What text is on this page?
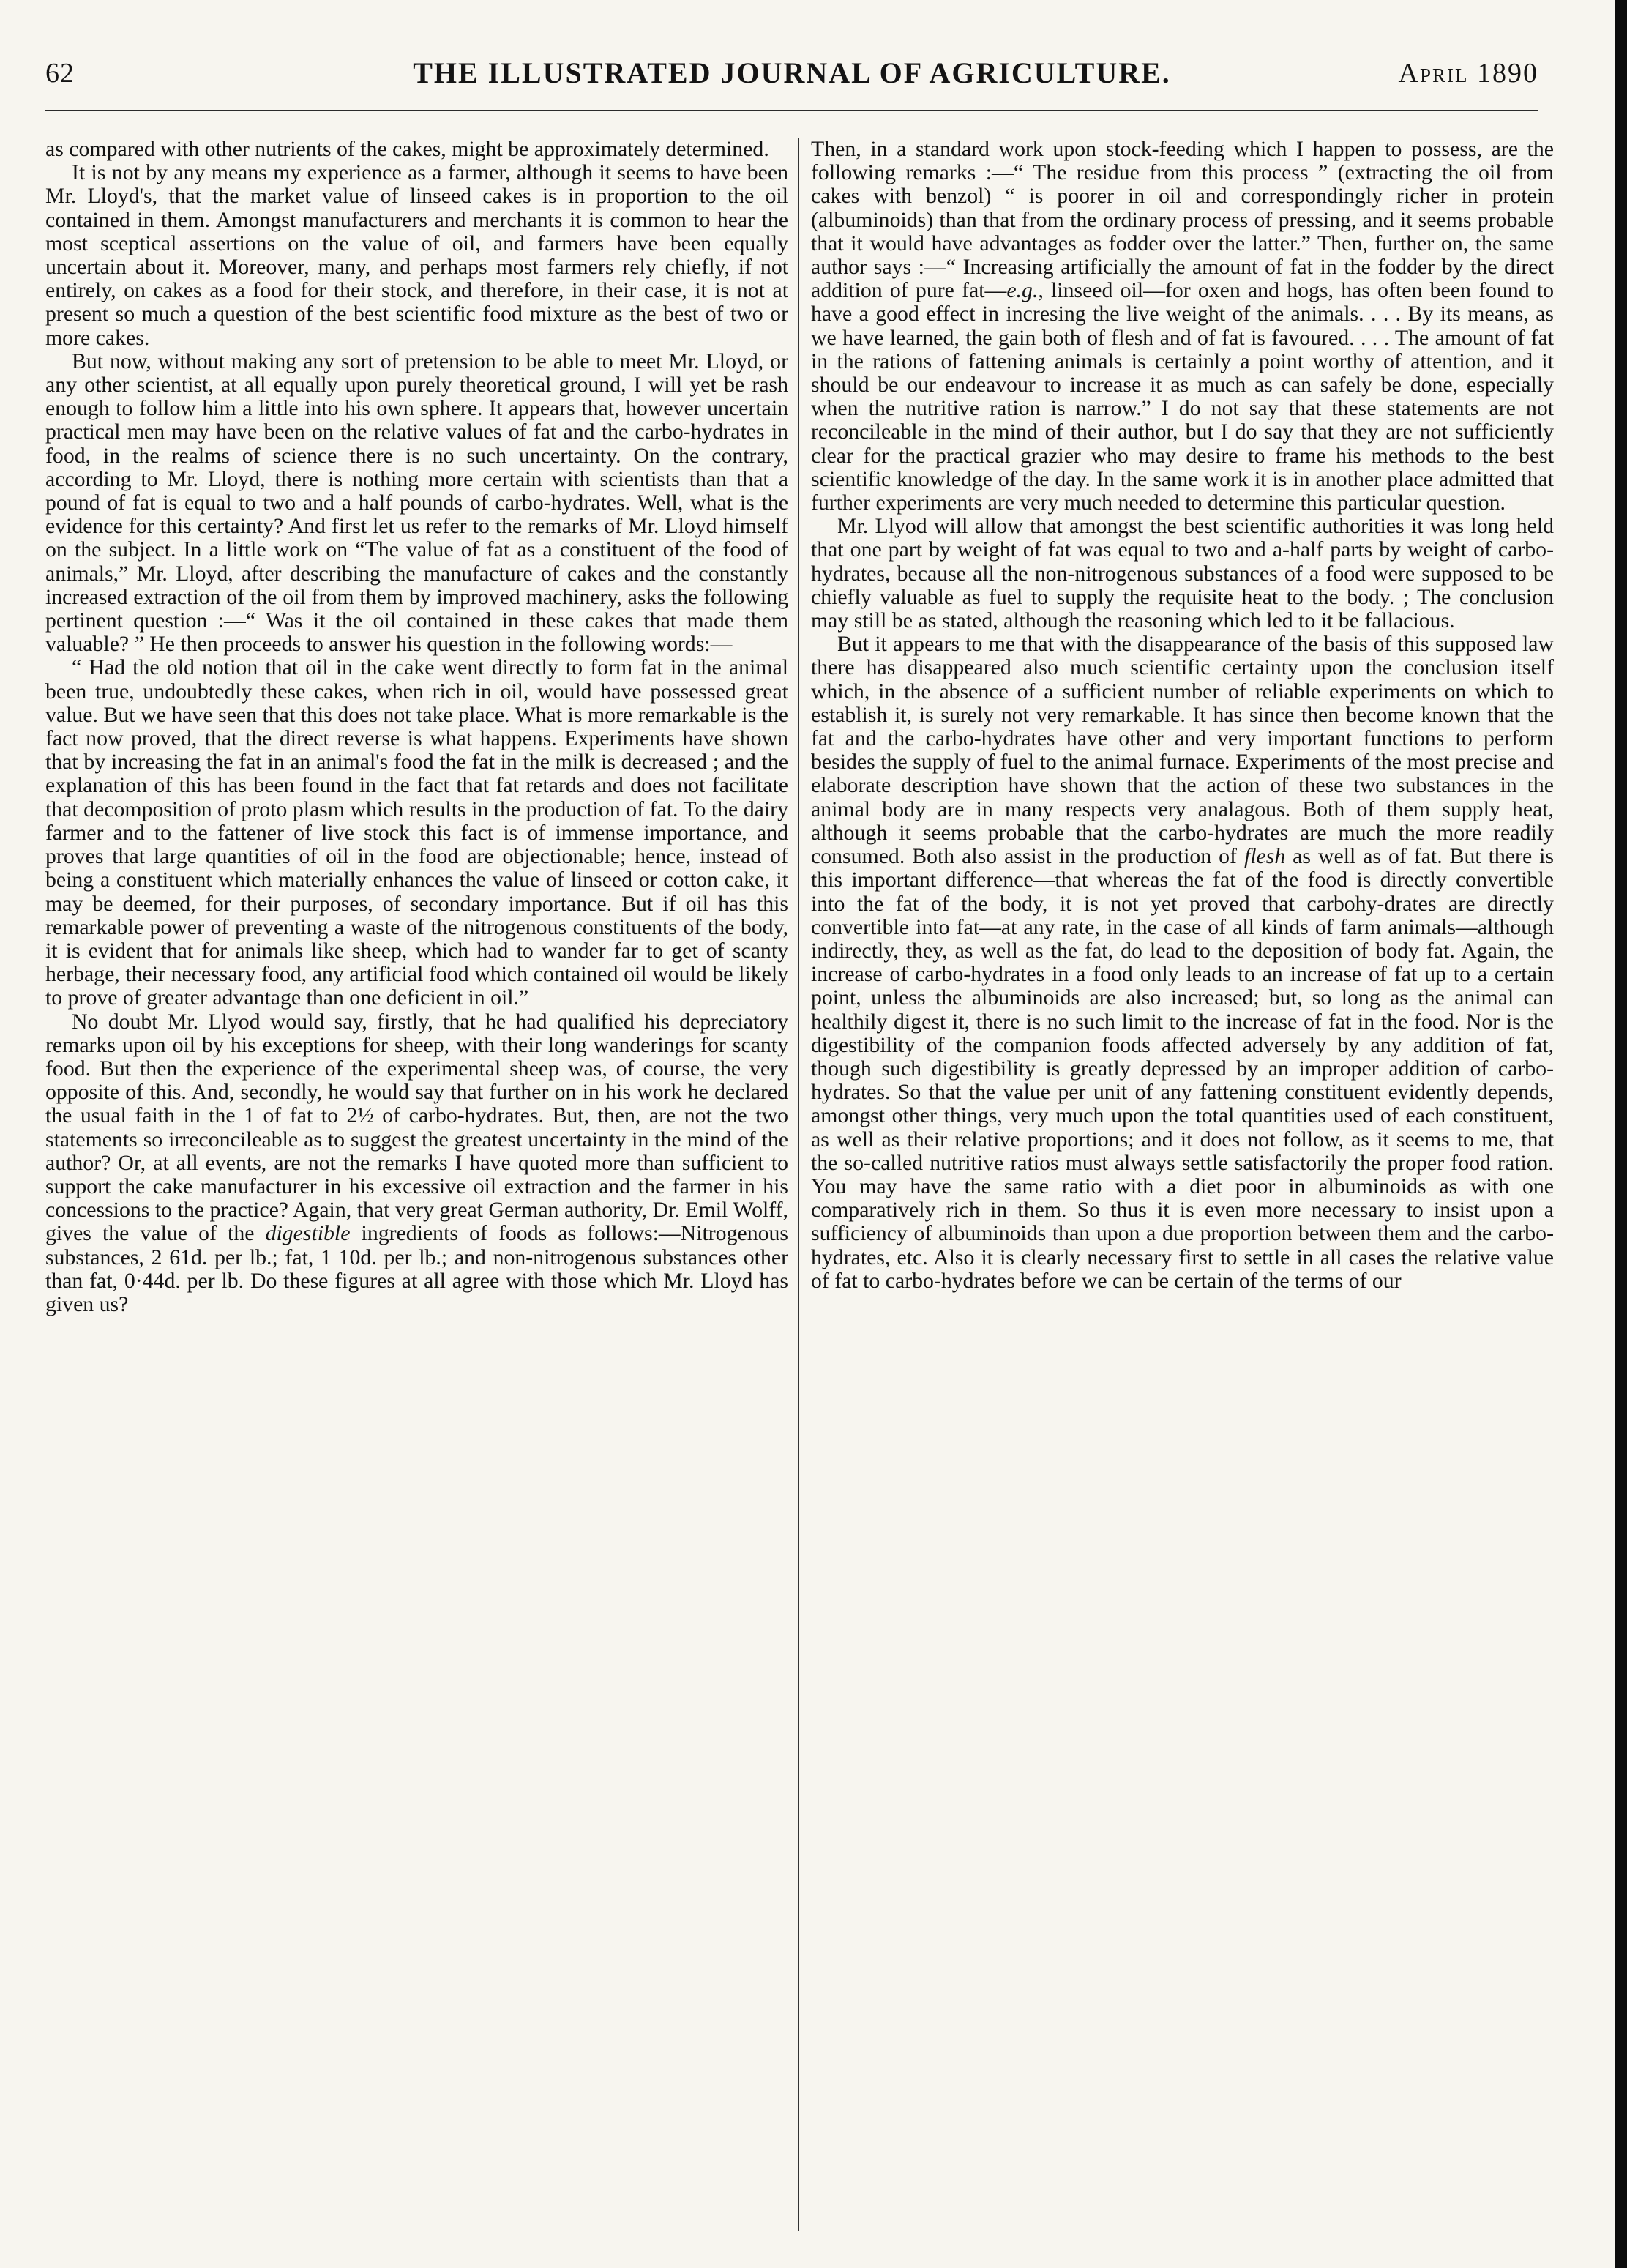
62	THE ILLUSTRATED JOURNAL OF AGRICULTURE.	April 1890

as compared with other nutrients of the cakes, might be approximately determined.

It is not by any means my experience as a farmer, although it seems to have been Mr. Lloyd's, that the market value of linseed cakes is in proportion to the oil contained in them. Amongst manufacturers and merchants it is common to hear the most sceptical assertions on the value of oil, and farmers have been equally uncertain about it. Moreover, many, and perhaps most farmers rely chiefly, if not entirely, on cakes as a food for their stock, and therefore, in their case, it is not at present so much a question of the best scientific food mixture as the best of two or more cakes.

But now, without making any sort of pretension to be able to meet Mr. Lloyd, or any other scientist, at all equally upon purely theoretical ground, I will yet be rash enough to follow him a little into his own sphere. It appears that, however uncertain practical men may have been on the relative values of fat and the carbo-hydrates in food, in the realms of science there is no such uncertainty. On the contrary, according to Mr. Lloyd, there is nothing more certain with scientists than that a pound of fat is equal to two and a half pounds of carbo-hydrates. Well, what is the evidence for this certainty? And first let us refer to the remarks of Mr. Lloyd himself on the subject. In a little work on “The value of fat as a constituent of the food of animals,” Mr. Lloyd, after describing the manufacture of cakes and the constantly increased extraction of the oil from them by improved machinery, asks the following pertinent question :—“ Was it the oil contained in these cakes that made them valuable? ” He then proceeds to answer his question in the following words:—

“ Had the old notion that oil in the cake went directly to form fat in the animal been true, undoubtedly these cakes, when rich in oil, would have possessed great value. But we have seen that this does not take place. What is more remarkable is the fact now proved, that the direct reverse is what happens. Experiments have shown that by increasing the fat in an animal's food the fat in the milk is decreased ; and the explanation of this has been found in the fact that fat retards and does not facilitate that decomposition of proto plasm which results in the production of fat. To the dairy farmer and to the fattener of live stock this fact is of immense importance, and proves that large quantities of oil in the food are objectionable; hence, instead of being a constituent which materially enhances the value of linseed or cotton cake, it may be deemed, for their purposes, of secondary importance. But if oil has this remarkable power of preventing a waste of the nitrogenous constituents of the body, it is evident that for animals like sheep, which had to wander far to get of scanty herbage, their necessary food, any artificial food which contained oil would be likely to prove of greater advantage than one deficient in oil.”

No doubt Mr. Llyod would say, firstly, that he had qualified his depreciatory remarks upon oil by his exceptions for sheep, with their long wanderings for scanty food. But then the experience of the experimental sheep was, of course, the very opposite of this. And, secondly, he would say that further on in his work he declared the usual faith in the 1 of fat to 2½ of carbo-hydrates. But, then, are not the two statements so irreconcileable as to suggest the greatest uncertainty in the mind of the author? Or, at all events, are not the remarks I have quoted more than sufficient to support the cake manufacturer in his excessive oil extraction and the farmer in his concessions to the practice? Again, that very great German authority, Dr. Emil Wolff, gives the value of the digestible ingredients of foods as follows:—Nitrogenous substances, 2 61d. per lb.; fat, 1 10d. per lb.; and non-nitrogenous substances other than fat, 0·44d. per lb. Do these figures at all agree with those which Mr. Lloyd has given us?

Then, in a standard work upon stock-feeding which I happen to possess, are the following remarks :—“ The residue from this process ” (extracting the oil from cakes with benzol) “ is poorer in oil and correspondingly richer in protein (albuminoids) than that from the ordinary process of pressing, and it seems probable that it would have advantages as fodder over the latter.” Then, further on, the same author says :—“ Increasing artificially the amount of fat in the fodder by the direct addition of pure fat—e.g., linseed oil—for oxen and hogs, has often been found to have a good effect in incresing the live weight of the animals. . . . By its means, as we have learned, the gain both of flesh and of fat is favoured. . . . The amount of fat in the rations of fattening animals is certainly a point worthy of attention, and it should be our endeavour to increase it as much as can safely be done, especially when the nutritive ration is narrow.” I do not say that these statements are not reconcileable in the mind of their author, but I do say that they are not sufficiently clear for the practical grazier who may desire to frame his methods to the best scientific knowledge of the day. In the same work it is in another place admitted that further experiments are very much needed to determine this particular question.

Mr. Llyod will allow that amongst the best scientific authorities it was long held that one part by weight of fat was equal to two and a-half parts by weight of carbo-hydrates, because all the non-nitrogenous substances of a food were supposed to be chiefly valuable as fuel to supply the requisite heat to the body. ; The conclusion may still be as stated, although the reasoning which led to it be fallacious.

But it appears to me that with the disappearance of the basis of this supposed law there has disappeared also much scientific certainty upon the conclusion itself which, in the absence of a sufficient number of reliable experiments on which to establish it, is surely not very remarkable. It has since then become known that the fat and the carbo-hydrates have other and very important functions to perform besides the supply of fuel to the animal furnace. Experiments of the most precise and elaborate description have shown that the action of these two substances in the animal body are in many respects very analagous. Both of them supply heat, although it seems probable that the carbo-hydrates are much the more readily consumed. Both also assist in the production of flesh as well as of fat. But there is this important difference—that whereas the fat of the food is directly convertible into the fat of the body, it is not yet proved that carbohy-drates are directly convertible into fat—at any rate, in the case of all kinds of farm animals—although indirectly, they, as well as the fat, do lead to the deposition of body fat. Again, the increase of carbo-hydrates in a food only leads to an increase of fat up to a certain point, unless the albuminoids are also increased; but, so long as the animal can healthily digest it, there is no such limit to the increase of fat in the food. Nor is the digestibility of the companion foods affected adversely by any addition of fat, though such digestibility is greatly depressed by an improper addition of carbo-hydrates. So that the value per unit of any fattening constituent evidently depends, amongst other things, very much upon the total quantities used of each constituent, as well as their relative proportions; and it does not follow, as it seems to me, that the so-called nutritive ratios must always settle satisfactorily the proper food ration. You may have the same ratio with a diet poor in albuminoids as with one comparatively rich in them. So thus it is even more necessary to insist upon a sufficiency of albuminoids than upon a due proportion between them and the carbo-hydrates, etc. Also it is clearly necessary first to settle in all cases the relative value of fat to carbo-hydrates before we can be certain of the terms of our
